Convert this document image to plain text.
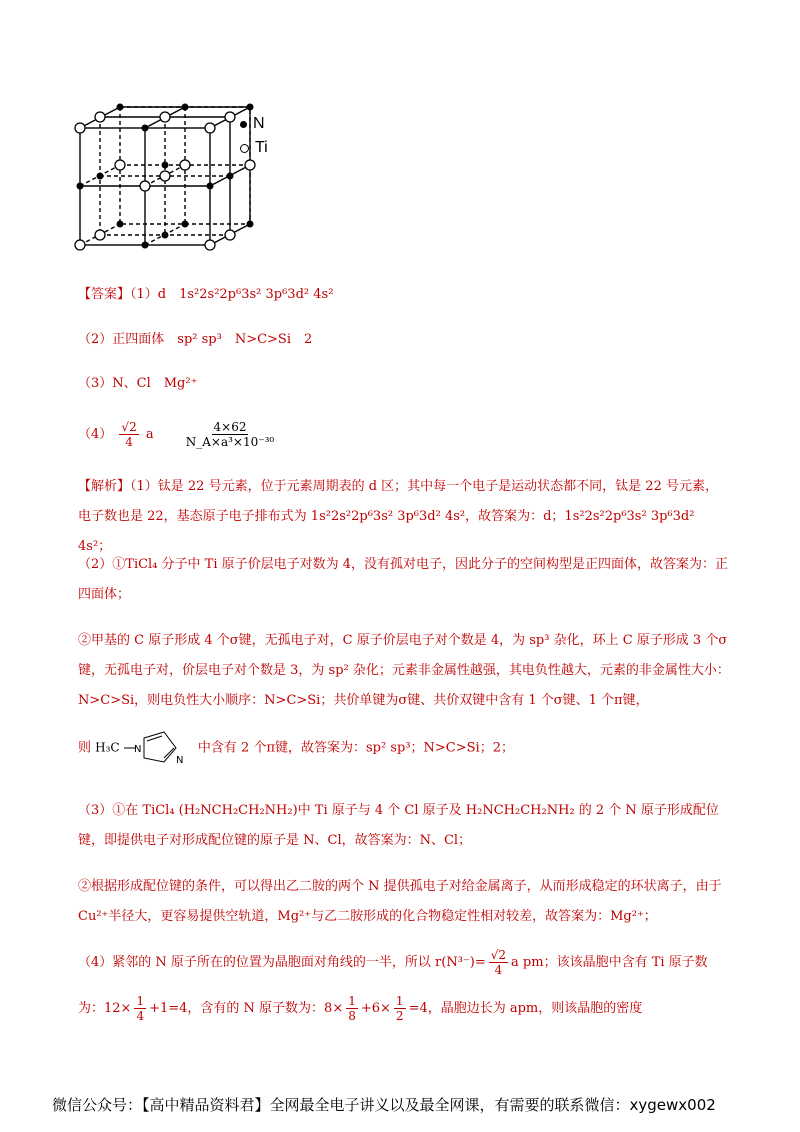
N
Ti
【答案】（1）d　1s²2s²2p⁶3s² 3p⁶3d² 4s²
（2）正四面体　sp² sp³　N>C>Si　2
（3）N、Cl　Mg²⁺
$(4) \frac{√2}{4}$ a	$\frac{4\times 62}{\text{N\_A×a³×10⁻³⁰}}$
【解析】（1）钛是 22 号元素，位于元素周期表的 d 区；其中每一个电子是运动状态都不同，钛是 22 号元素，电子数也是 22，基态原子电子排布式为 1s²2s²2p⁶3s² 3p⁶3d² 4s²，故答案为：d；1s²2s²2p⁶3s² 3p⁶3d² 4s²；
（2）①TiCl₄ 分子中 Ti 原子价层电子对数为 4，没有孤对电子，因此分子的空间构型是正四面体，故答案为：正四面体；
②甲基的 C 原子形成 4 个σ键，无孤电子对，C 原子价层电子对个数是 4，为 sp³ 杂化，环上 C 原子形成 3 个σ键，无孤电子对，价层电子对个数是 3，为 sp² 杂化；元素非金属性越强，其电负性越大，元素的非金属性大小：N>C>Si，则电负性大小顺序：N>C>Si；共价单键为σ键、共价双键中含有 1 个σ键、1 个π键，
则 H₃C N
N
中含有 2 个π键，故答案为：sp² sp³；N>C>Si；2；
（3）①在 TiCl₄ (H₂NCH₂CH₂NH₂)中 Ti 原子与 4 个 Cl 原子及 H₂NCH₂CH₂NH₂ 的 2 个 N 原子形成配位键，即提供电子对形成配位键的原子是 N、Cl，故答案为：N、Cl；
②根据形成配位键的条件，可以得出乙二胺的两个 N 提供孤电子对给金属离子，从而形成稳定的环状离子，由于 Cu²⁺半径大，更容易提供空轨道，Mg²⁺与乙二胺形成的化合物稳定性相对较差，故答案为：Mg²⁺；
（4）紧邻的 N 原子所在的位置为晶胞面对角线的一半，所以 $r(N^{3-})= \frac{√2}{4}$ a pm；该该晶胞中含有 Ti 原子数
为：$12\times \frac{1}{4} +1=4$，含有的 N 原子数为：$8\times \frac{1}{8} +6\times \frac{1}{2} =4$，晶胞边长为 apm，则该晶胞的密度
微信公众号：【高中精品资料君】全网最全电子讲义以及最全网课，有需要的联系微信：xygewx002
